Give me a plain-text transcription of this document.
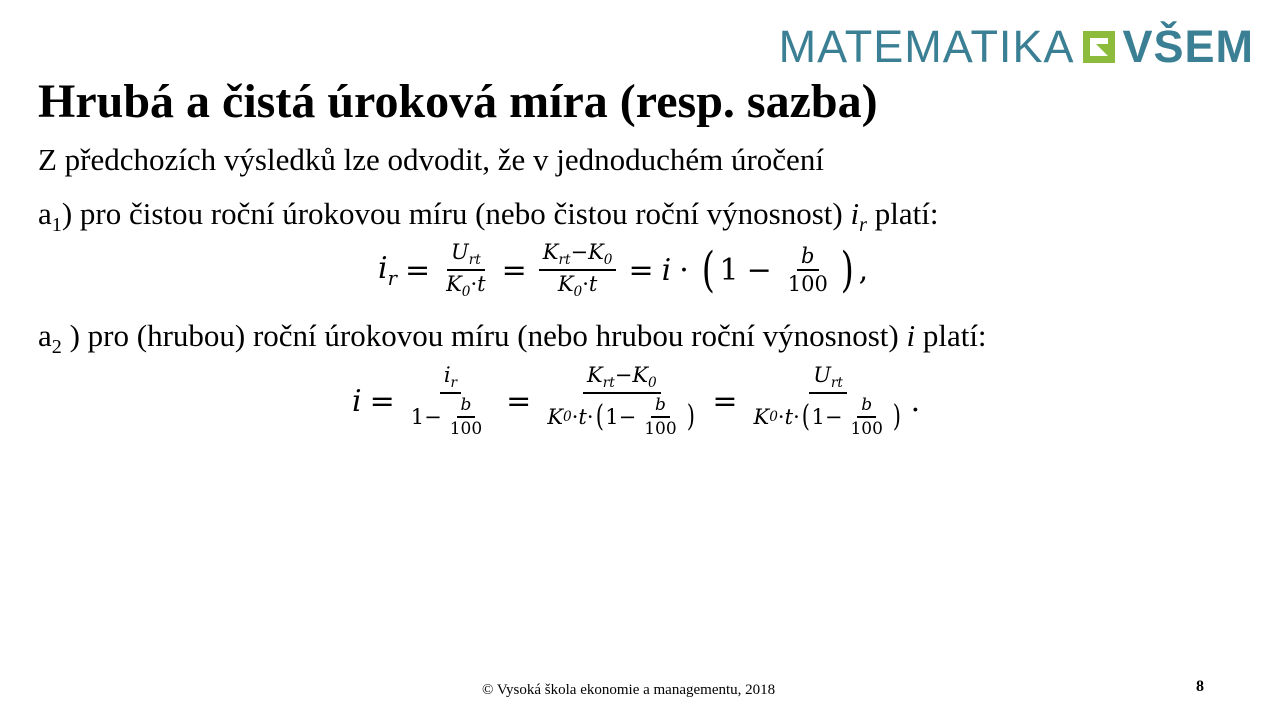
MATEMATIKA VŠEM
Hrubá a čistá úroková míra (resp. sazba)
Z předchozích výsledků lze odvodit, že v jednoduchém úročení
$a_1$) pro čistou roční úrokovou míru (nebo čistou roční výnosnost) $i_r$ platí:
$i_r = \frac{U_{rt}}{K_0\cdot t} = \frac{K_{rt}-K_0}{K_0\cdot t} = i$ · ( $1 - \frac{b}{100}$ ) ,
$a_2$ ) pro (hrubou) roční úrokovou míru (nebo hrubou roční výnosnost) i platí:
$i = \frac{i_r}{1- \frac{b}{100}} = \frac{K_{rt}-K_0}{K 0 \cdot t \cdot ( 1- \frac{b}{100} )} = \frac{U_{rt}}{K 0 \cdot t \cdot ( 1- \frac{b}{100} )}$ .
© Vysoká škola ekonomie a managementu, 2018	8
